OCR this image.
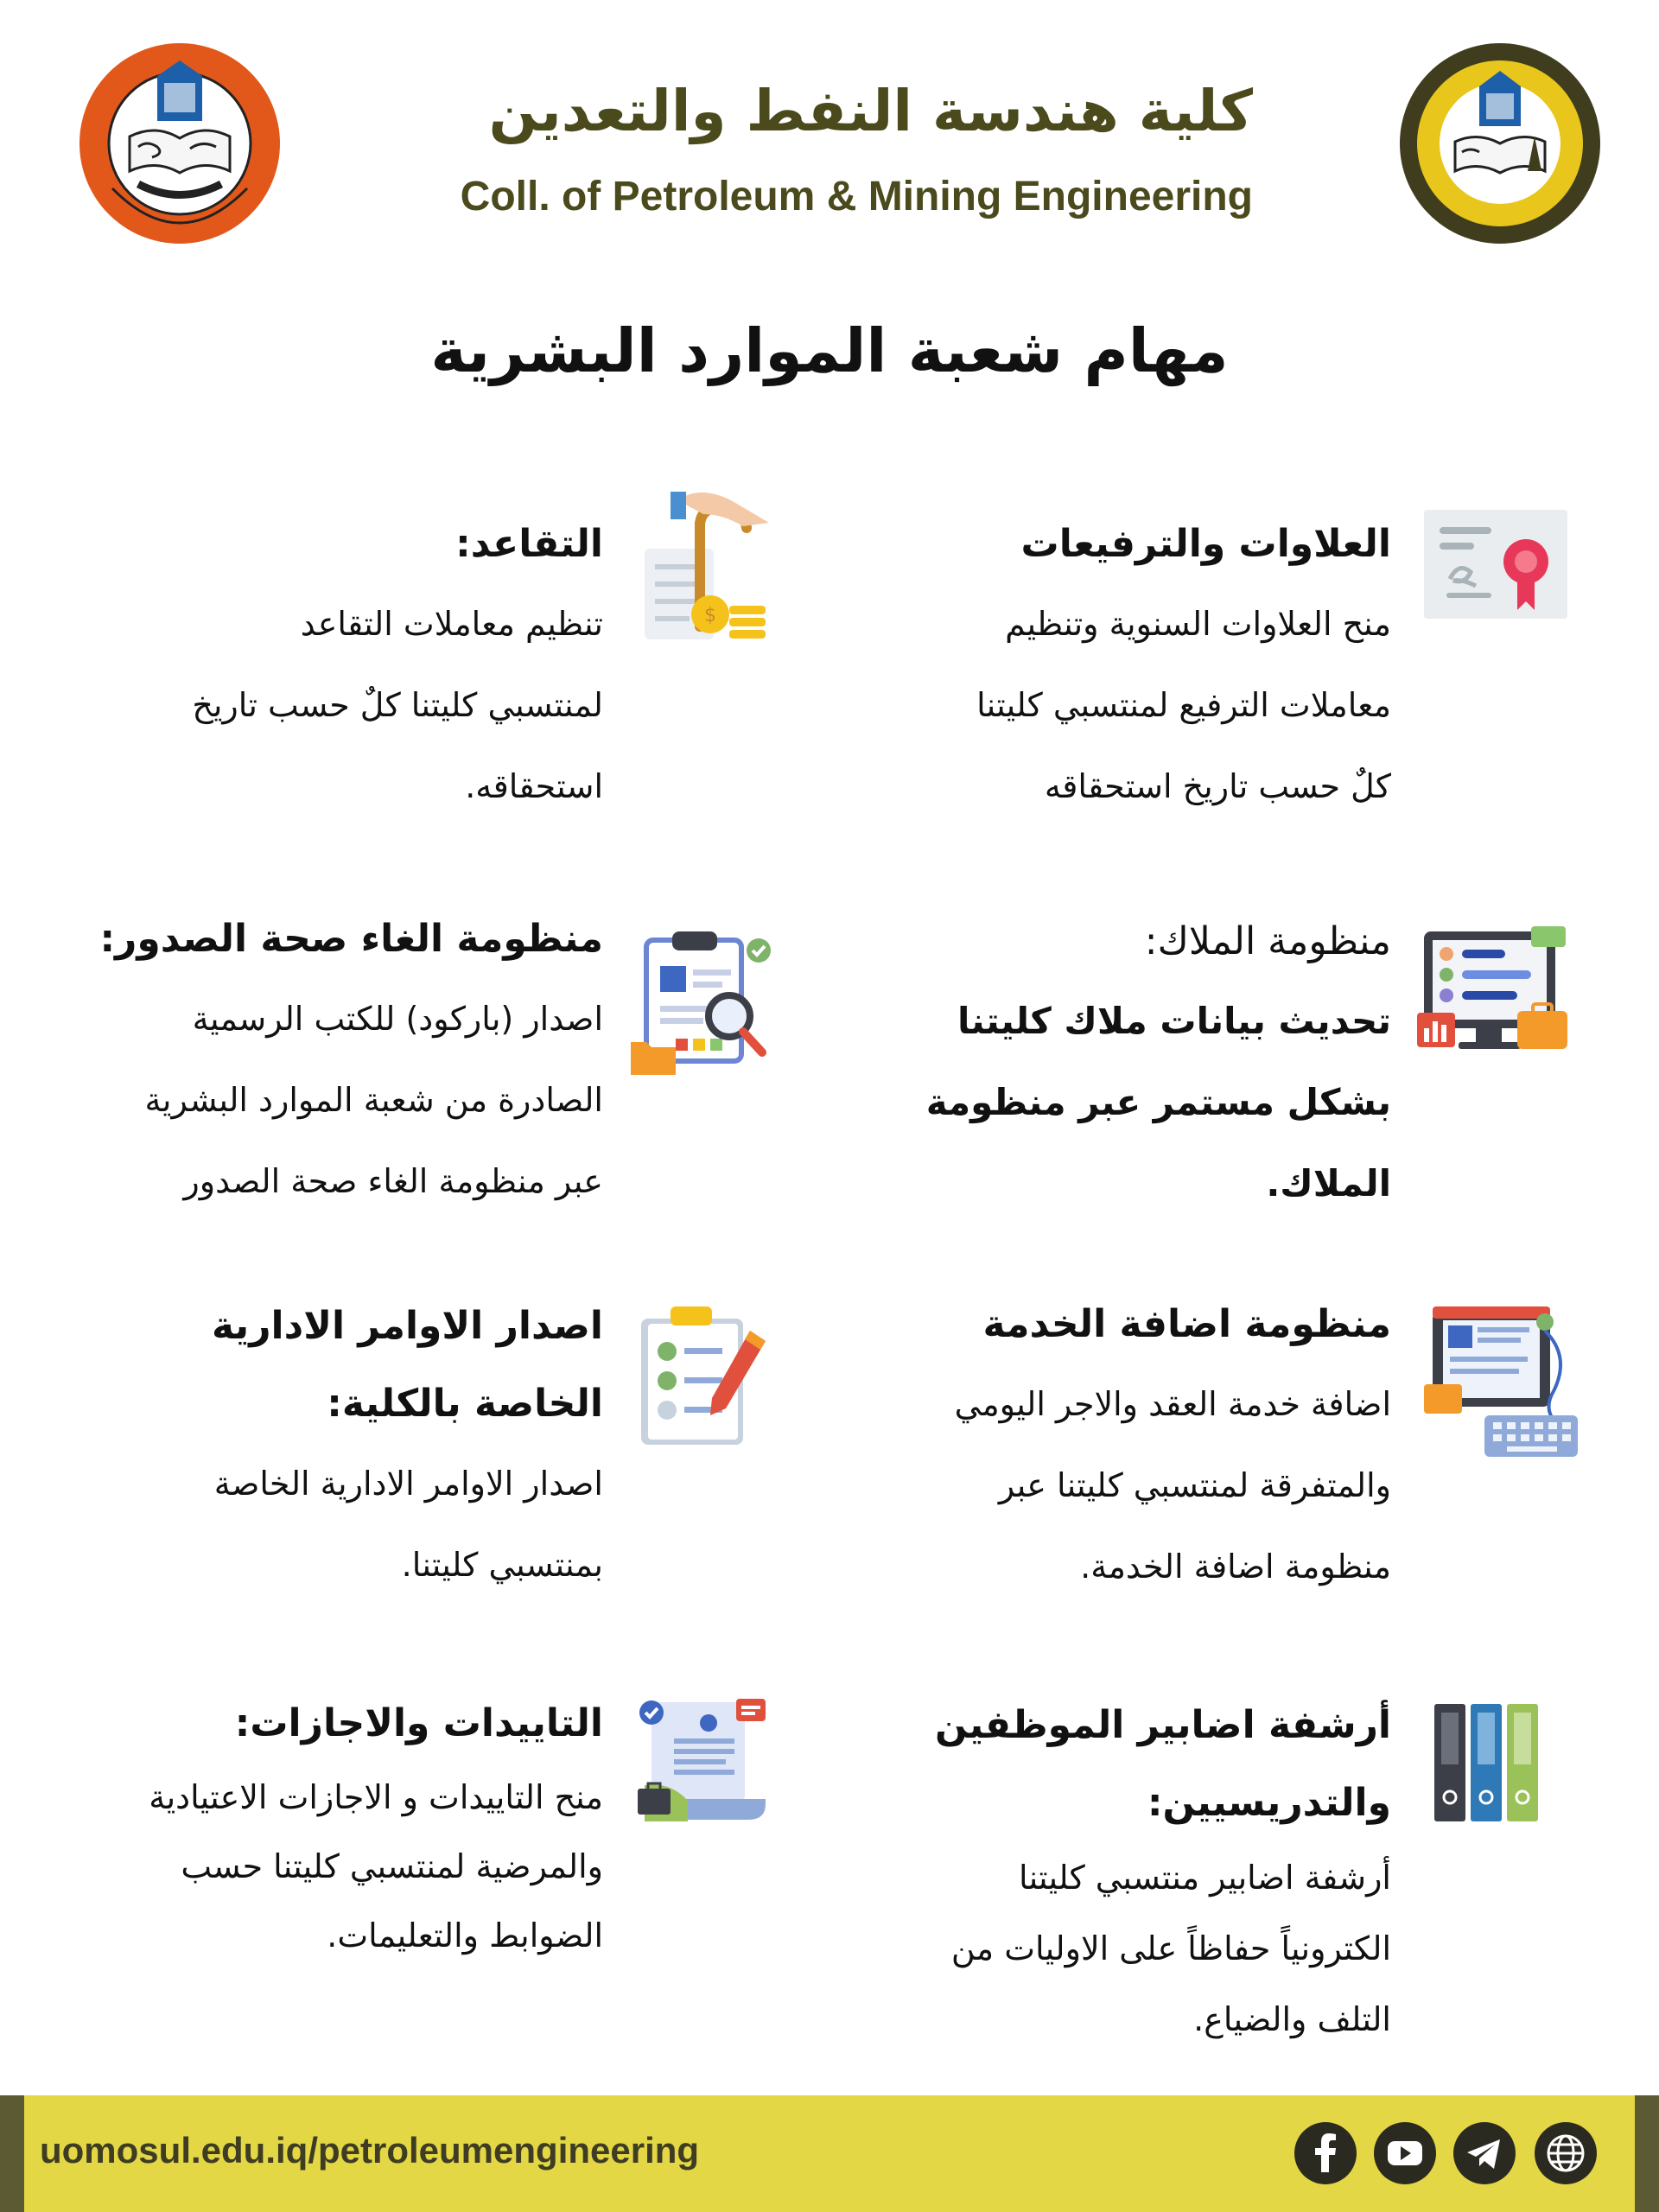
كلية هندسة النفط والتعدين
Coll. of Petroleum & Mining Engineering
مهام شعبة الموارد البشرية
العلاوات والترفيعات

منح العلاوات السنوية وتنظيم

معاملات الترفيع لمنتسبي كليتنا

كلٌ حسب تاريخ استحقاقه

$
التقاعد:

تنظيم معاملات التقاعد

لمنتسبي كليتنا كلٌ حسب تاريخ

استحقاقه.

منظومة الملاك:

تحديث بيانات ملاك كليتنا

بشكل مستمر عبر منظومة

الملاك.

منظومة الغاء صحة الصدور:

اصدار (باركود) للكتب الرسمية

الصادرة من شعبة الموارد البشرية

عبر منظومة الغاء صحة الصدور

منظومة اضافة الخدمة

اضافة خدمة العقد والاجر اليومي

والمتفرقة لمنتسبي كليتنا عبر

منظومة اضافة الخدمة.

اصدار الاوامر الادارية
الخاصة بالكلية:

اصدار الاوامر الادارية الخاصة

بمنتسبي كليتنا.

أرشفة اضابير الموظفين
والتدريسيين:

أرشفة اضابير منتسبي كليتنا

الكترونياً حفاظاً على الاوليات من

التلف والضياع.

التاييدات والاجازات:

منح التاييدات و الاجازات الاعتيادية

والمرضية لمنتسبي كليتنا حسب

الضوابط والتعليمات.

uomosul.edu.iq/petroleumengineering
